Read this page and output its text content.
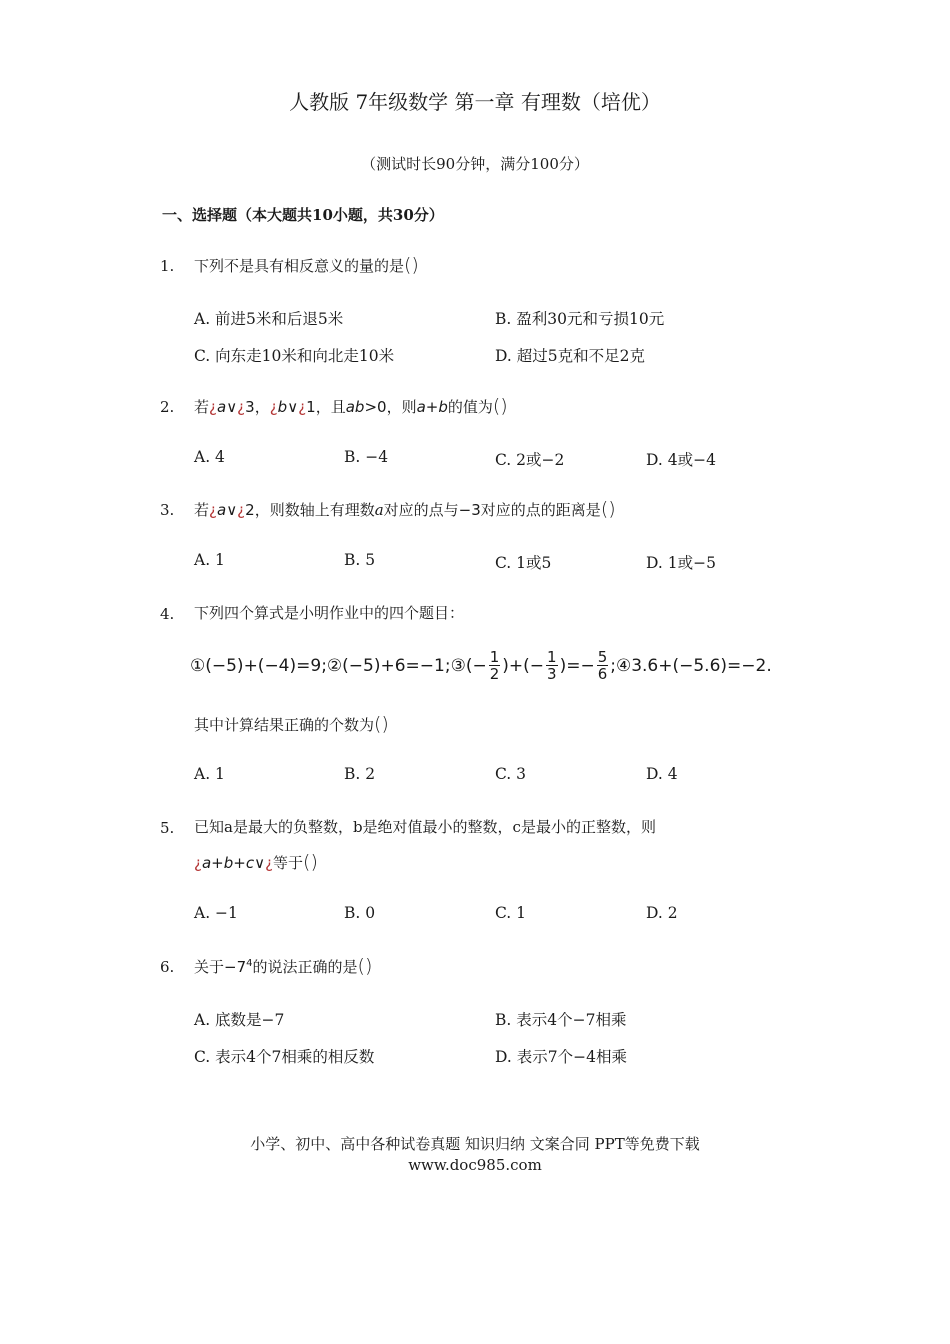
人教版 7年级数学 第一章 有理数（培优）
（测试时长90分钟，满分100分）
一、选择题（本大题共10小题，共30分）
1. 下列不是具有相反意义的量的是()
A. 前进5米和后退5米	B. 盈利30元和亏损10元
C. 向东走10米和向北走10米	D. 超过5克和不足2克
2. 若¿a∨¿3，¿b∨¿1，且ab>0，则a+b的值为()
A. 4	B. −4	C. 2或−2	D. 4或−4
3. 若¿a∨¿2，则数轴上有理数a对应的点与−3对应的点的距离是()
A. 1	B. 5	C. 1或5	D. 1或−5
4. 下列四个算式是小明作业中的四个题目：
①(−5)+(−4)=9;②(−5)+6=−1;③(− $\frac{1}{2}$ )+(− $\frac{1}{3}$ )=− $\frac{5}{6}$ ;④3.6+(−5.6)=−2.
其中计算结果正确的个数为()
A. 1	B. 2	C. 3	D. 4
5. 已知a是最大的负整数，b是绝对值最小的整数，c是最小的正整数，则
¿a+b+c∨¿等于()
A. −1	B. 0	C. 1	D. 2
6. 关于$-7^4$的说法正确的是()
A. 底数是−7	B. 表示4个−7相乘
C. 表示4个7相乘的相反数	D. 表示7个−4相乘
小学、初中、高中各种试卷真题 知识归纳 文案合同 PPT等免费下载
www.doc985.com
